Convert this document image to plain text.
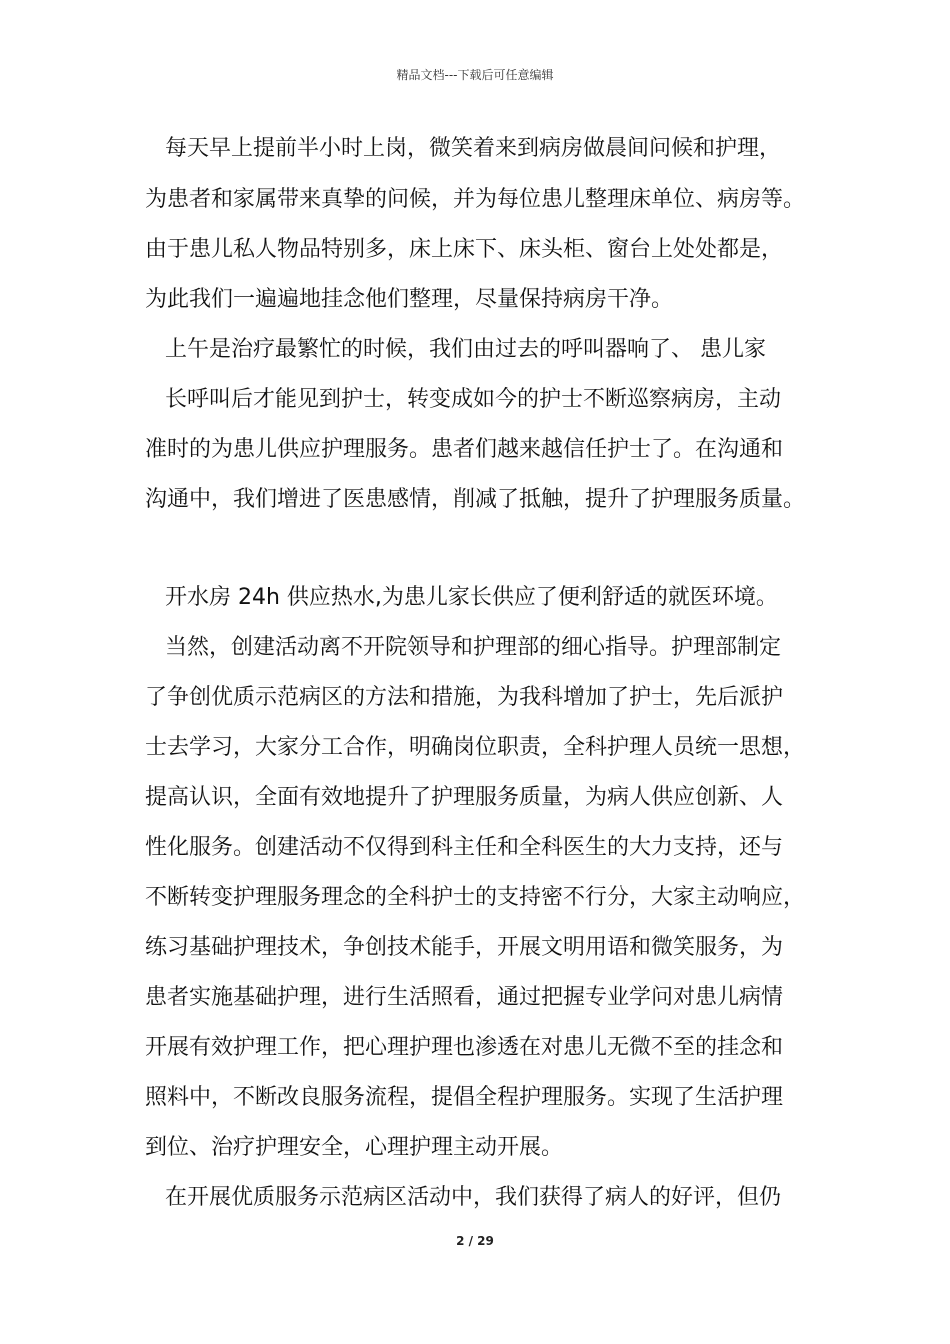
精品文档---下载后可任意编辑
每天早上提前半小时上岗，微笑着来到病房做晨间问候和护理，
为患者和家属带来真挚的问候，并为每位患儿整理床单位、病房等。
由于患儿私人物品特别多，床上床下、床头柜、窗台上处处都是，
为此我们一遍遍地挂念他们整理，尽量保持病房干净。
上午是治疗最繁忙的时候，我们由过去的呼叫器响了、 患儿家
长呼叫后才能见到护士，转变成如今的护士不断巡察病房，主动
准时的为患儿供应护理服务。患者们越来越信任护士了。在沟通和
沟通中，我们增进了医患感情，削减了抵触，提升了护理服务质量。
开水房 24h 供应热水,为患儿家长供应了便利舒适的就医环境。
当然，创建活动离不开院领导和护理部的细心指导。护理部制定
了争创优质示范病区的方法和措施，为我科增加了护士，先后派护
士去学习，大家分工合作，明确岗位职责，全科护理人员统一思想，
提高认识，全面有效地提升了护理服务质量，为病人供应创新、人
性化服务。创建活动不仅得到科主任和全科医生的大力支持，还与
不断转变护理服务理念的全科护士的支持密不行分，大家主动响应，
练习基础护理技术，争创技术能手，开展文明用语和微笑服务，为
患者实施基础护理，进行生活照看，通过把握专业学问对患儿病情
开展有效护理工作，把心理护理也渗透在对患儿无微不至的挂念和
照料中，不断改良服务流程，提倡全程护理服务。实现了生活护理
到位、治疗护理安全，心理护理主动开展。
在开展优质服务示范病区活动中，我们获得了病人的好评，但仍
2 / 29
